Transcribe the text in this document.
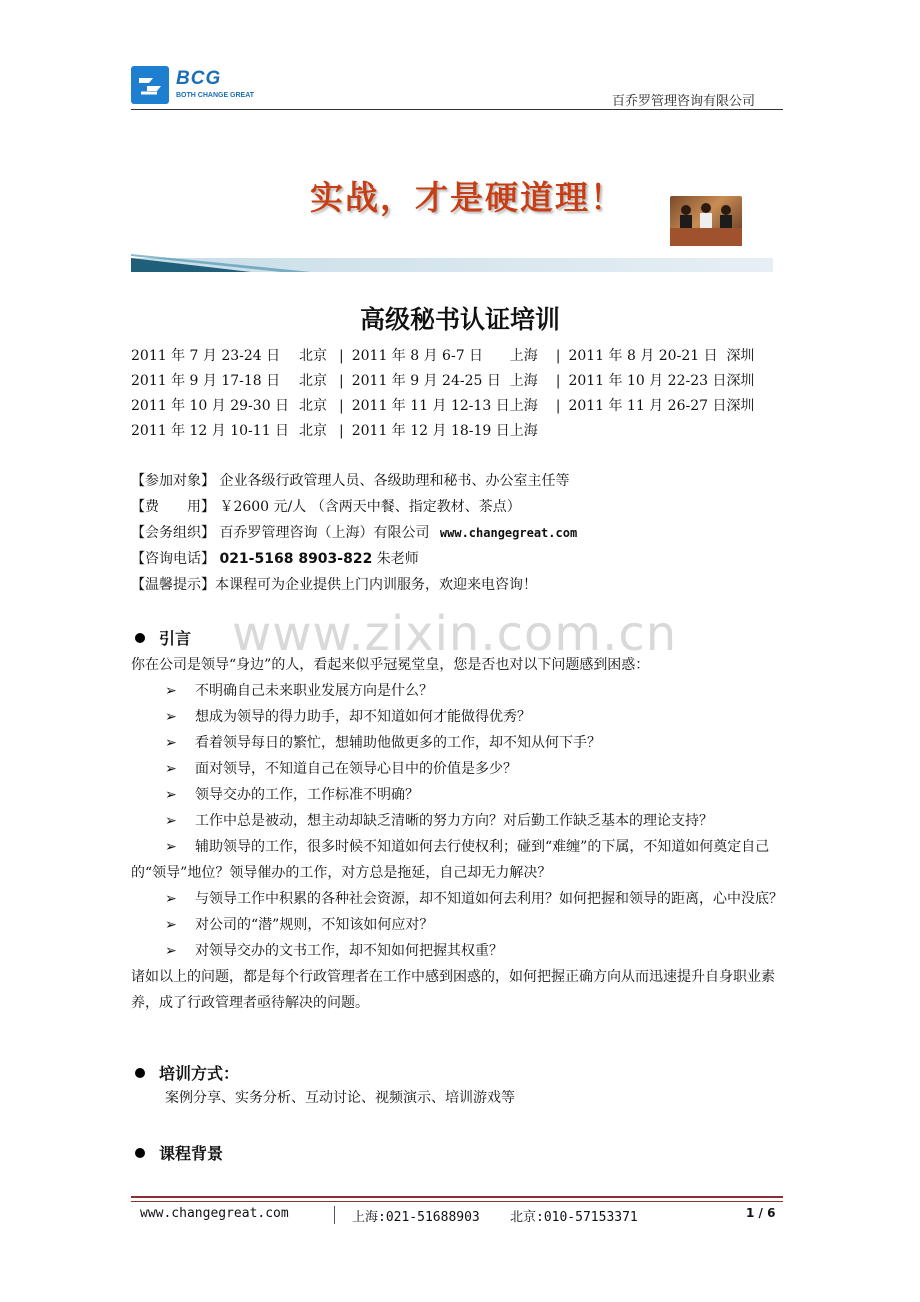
BCG
BOTH CHANGE GREAT	百乔罗管理咨询有限公司
实战，才是硬道理！
高级秘书认证培训
2011 年 7 月 23-24 日 北京 | 2011 年 8 月 6-7 日 上海 | 2011 年 8 月 20-21 日 深圳
2011 年 9 月 17-18 日 北京 | 2011 年 9 月 24-25 日 上海 | 2011 年 10 月 22-23 日深圳
2011 年 10 月 29-30 日 北京 | 2011 年 11 月 12-13 日上海 | 2011 年 11 月 26-27 日深圳
2011 年 12 月 10-11 日 北京 | 2011 年 12 月 18-19 日上海
【参加对象】 企业各级行政管理人员、各级助理和秘书、办公室主任等
【费　　用】 ￥2600 元/人 （含两天中餐、指定教材、茶点）
【会务组织】 百乔罗管理咨询（上海）有限公司 www.changegreat.com
【咨询电话】 021-5168 8903-822 朱老师
【温馨提示】本课程可为企业提供上门内训服务，欢迎来电咨询！
www.zixin.com.cn
引言
你在公司是领导“身边”的人，看起来似乎冠冕堂皇，您是否也对以下问题感到困惑：
➢ 不明确自己未来职业发展方向是什么？
➢ 想成为领导的得力助手，却不知道如何才能做得优秀？
➢ 看着领导每日的繁忙，想辅助他做更多的工作，却不知从何下手？
➢ 面对领导，不知道自己在领导心目中的价值是多少？
➢ 领导交办的工作，工作标准不明确？
➢ 工作中总是被动，想主动却缺乏清晰的努力方向？对后勤工作缺乏基本的理论支持？
➢ 辅助领导的工作，很多时候不知道如何去行使权利；碰到“难缠”的下属，不知道如何奠定自己的“领导”地位？领导催办的工作，对方总是拖延，自己却无力解决？
➢ 与领导工作中积累的各种社会资源，却不知道如何去利用？如何把握和领导的距离，心中没底？
➢ 对公司的“潜”规则，不知该如何应对？
➢ 对领导交办的文书工作，却不知如何把握其权重？
诸如以上的问题，都是每个行政管理者在工作中感到困惑的，如何把握正确方向从而迅速提升自身职业素养，成了行政管理者亟待解决的问题。
培训方式：
案例分享、实务分析、互动讨论、视频演示、培训游戏等
课程背景
www.changegreat.com	上海:021-51688903 北京:010-57153371	1 / 6
